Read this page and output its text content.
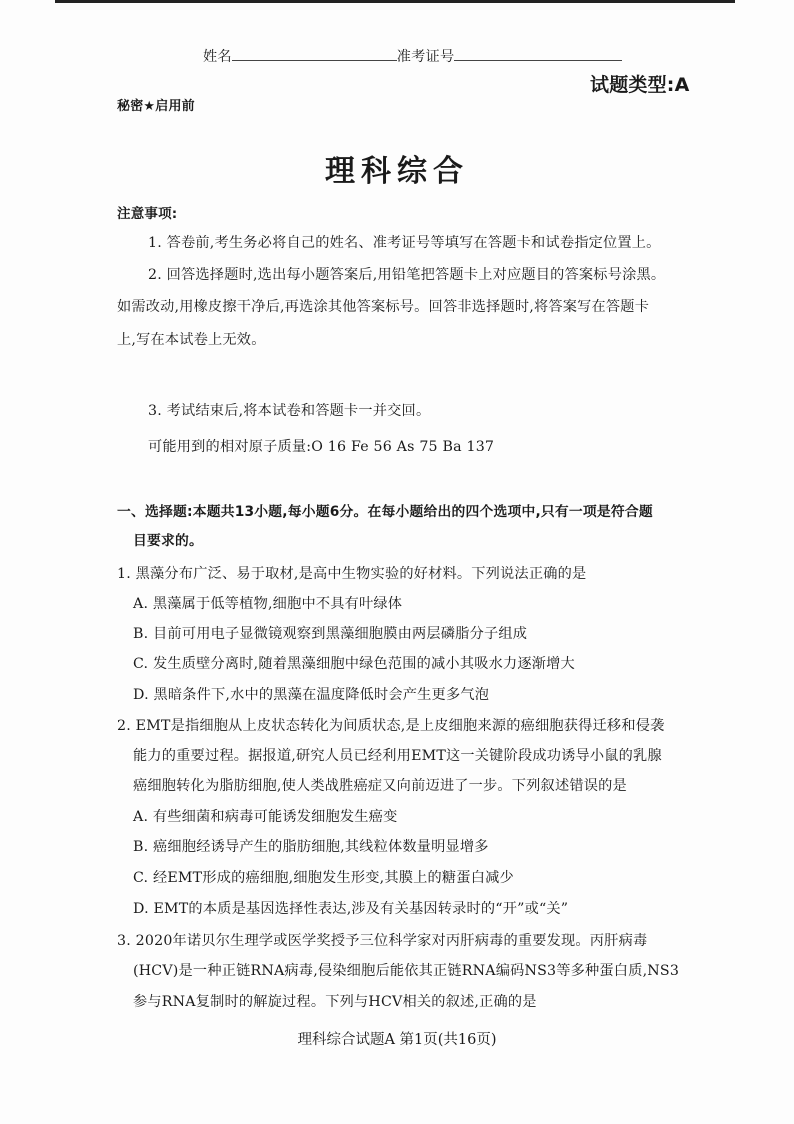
姓名	准考证号
试题类型:A
秘密★启用前
理科综合
注意事项:
1. 答卷前,考生务必将自己的姓名、准考证号等填写在答题卡和试卷指定位置上。
2. 回答选择题时,选出每小题答案后,用铅笔把答题卡上对应题目的答案标号涂黑。
如需改动,用橡皮擦干净后,再选涂其他答案标号。回答非选择题时,将答案写在答题卡
上,写在本试卷上无效。
3. 考试结束后,将本试卷和答题卡一并交回。
可能用到的相对原子质量:O 16 Fe 56 As 75 Ba 137
一、选择题:本题共13小题,每小题6分。在每小题给出的四个选项中,只有一项是符合题
目要求的。
1. 黑藻分布广泛、易于取材,是高中生物实验的好材料。下列说法正确的是
A. 黑藻属于低等植物,细胞中不具有叶绿体
B. 目前可用电子显微镜观察到黑藻细胞膜由两层磷脂分子组成
C. 发生质壁分离时,随着黑藻细胞中绿色范围的减小其吸水力逐渐增大
D. 黑暗条件下,水中的黑藻在温度降低时会产生更多气泡
2. EMT是指细胞从上皮状态转化为间质状态,是上皮细胞来源的癌细胞获得迁移和侵袭
能力的重要过程。据报道,研究人员已经利用EMT这一关键阶段成功诱导小鼠的乳腺
癌细胞转化为脂肪细胞,使人类战胜癌症又向前迈进了一步。下列叙述错误的是
A. 有些细菌和病毒可能诱发细胞发生癌变
B. 癌细胞经诱导产生的脂肪细胞,其线粒体数量明显增多
C. 经EMT形成的癌细胞,细胞发生形变,其膜上的糖蛋白减少
D. EMT的本质是基因选择性表达,涉及有关基因转录时的“开”或“关”
3. 2020年诺贝尔生理学或医学奖授予三位科学家对丙肝病毒的重要发现。丙肝病毒
(HCV)是一种正链RNA病毒,侵染细胞后能依其正链RNA编码NS3等多种蛋白质,NS3
参与RNA复制时的解旋过程。下列与HCV相关的叙述,正确的是
理科综合试题A 第1页(共16页)
